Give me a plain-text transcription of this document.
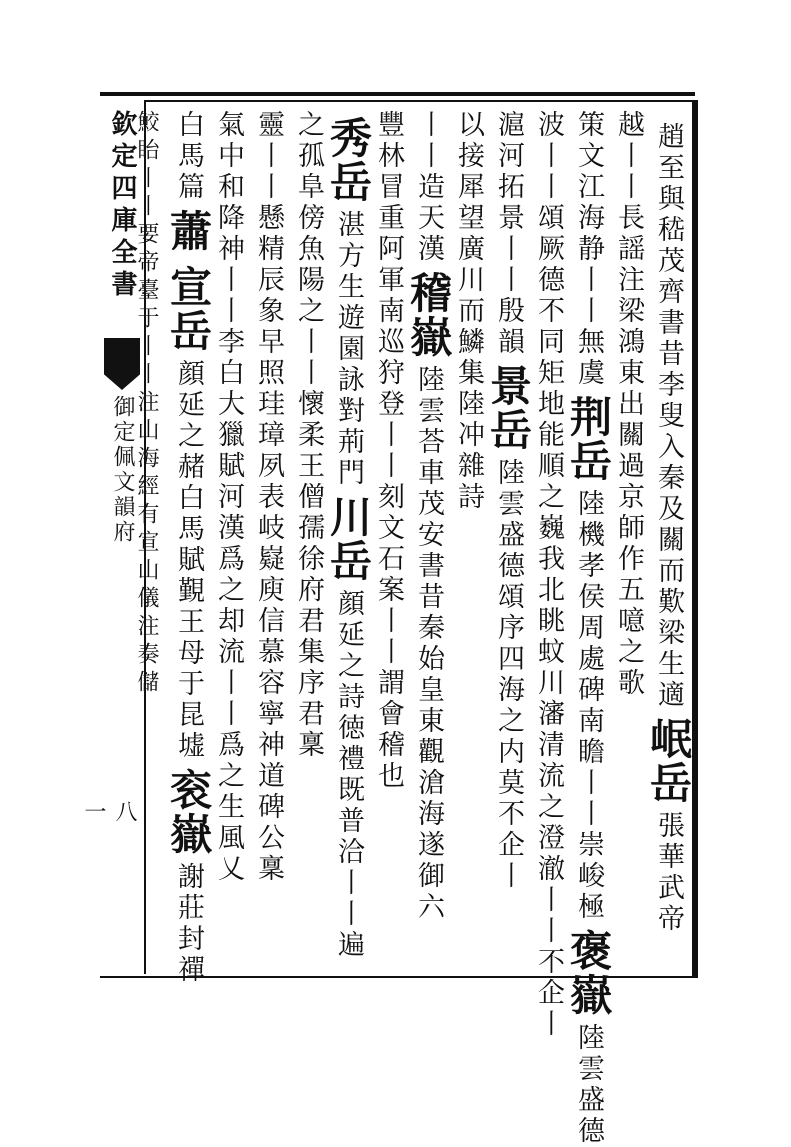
欽定四庫全書
御定佩文韻府
八一
趙至與嵇茂齊書昔李叟入秦及關而歎梁生適岷岳張華武帝
越丨丨長謡注梁鴻東出關過京師作五噫之歌
策文江海静丨丨無虞荆岳陸機孝侯周處碑南瞻丨丨崇峻極褒嶽陸雲盛德
波丨丨頌厥德不同矩地能順之巍我北眺蚊川瀋清流之澄澈丨丨不企丨
滬河拓景丨丨殷韻景岳陸雲盛德頌序四海之内莫不企丨
以接犀望廣川而鱗集陸冲雜詩
丨丨造天漢稽嶽陸雲荅車茂安書昔秦始皇東觀滄海遂御六
豐林冒重阿軍南巡狩登丨丨刻文石案丨丨謂會稽也
秀岳湛方生遊園詠對荊門川岳顔延之詩徳禮既普洽丨丨遍
之孤阜傍魚陽之丨丨懷柔王僧孺徐府君集序君稟
靈丨丨懸精辰象早照珪璋夙表岐嶷庾信慕容寧神道碑公稟
氣中和降神丨丨李白大獵賦河漢爲之却流丨丨爲之生風乂
白馬篇蕭宣岳顔延之赭白馬賦覲王母于昆墟衮嶽謝莊封禪
鮫眙丨丨要帝臺于丨丨注山海經有宣山儀注奏儲
